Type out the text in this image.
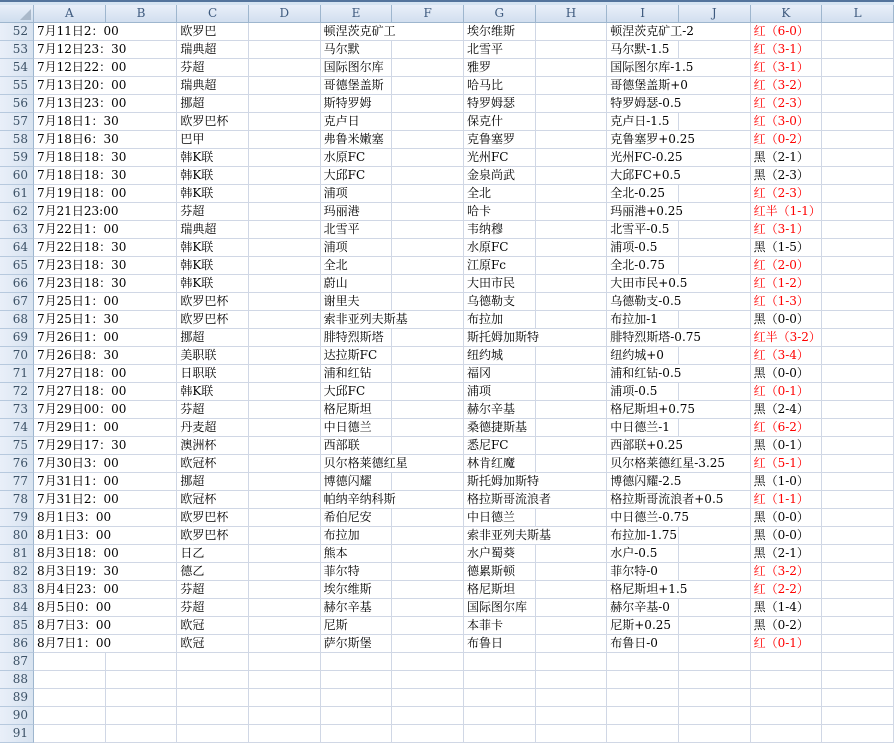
A	B	C	D	E	F	G	H	I	J	K	L
52 7月11日2：00	欧罗巴	顿涅茨克矿工	埃尔维斯	顿涅茨克矿工-2	红（6-0）
53 7月12日23：30	瑞典超	马尔默	北雪平	马尔默-1.5	红（3-1）
54 7月12日22：00	芬超	国际图尔库	雅罗	国际图尔库-1.5	红（3-1）
55 7月13日20：00	瑞典超	哥德堡盖斯	哈马比	哥德堡盖斯+0	红（3-2）
56 7月13日23：00	挪超	斯特罗姆	特罗姆瑟	特罗姆瑟-0.5	红（2-3）
57 7月18日1：30	欧罗巴杯	克卢日	保克什	克卢日-1.5	红（3-0）
58 7月18日6：30	巴甲	弗鲁米嫩塞	克鲁塞罗	克鲁塞罗+0.25	红（0-2）
59 7月18日18：30	韩K联	水原FC	光州FC	光州FC-0.25	黑（2-1）
60 7月18日18：30	韩K联	大邱FC	金泉尚武	大邱FC+0.5	黑（2-3）
61 7月19日18：00	韩K联	浦项	全北	全北-0.25	红（2-3）
62 7月21日23:00	芬超	玛丽港	哈卡	玛丽港+0.25	红半（1-1）
63 7月22日1：00	瑞典超	北雪平	韦纳穆	北雪平-0.5	红（3-1）
64 7月22日18：30	韩K联	浦项	水原FC	浦项-0.5	黑（1-5）
65 7月23日18：30	韩K联	全北	江原Fc	全北-0.75	红（2-0）
66 7月23日18：30	韩K联	蔚山	大田市民	大田市民+0.5	红（1-2）
67 7月25日1：00	欧罗巴杯	谢里夫	乌德勒支	乌德勒支-0.5	红（1-3）
68 7月25日1：30	欧罗巴杯	索非亚列夫斯基	布拉加	布拉加-1	黑（0-0）
69 7月26日1：00	挪超	腓特烈斯塔	斯托姆加斯特	腓特烈斯塔-0.75	红半（3-2）
70 7月26日8：30	美职联	达拉斯FC	纽约城	纽约城+0	红（3-4）
71 7月27日18：00	日职联	浦和红钻	福冈	浦和红钻-0.5	黑（0-0）
72 7月27日18：00	韩K联	大邱FC	浦项	浦项-0.5	红（0-1）
73 7月29日00：00	芬超	格尼斯坦	赫尔辛基	格尼斯坦+0.75	黑（2-4）
74 7月29日1：00	丹麦超	中日德兰	桑德捷斯基	中日德兰-1	红（6-2）
75 7月29日17：30	澳洲杯	西部联	悉尼FC	西部联+0.25	黑（0-1）
76 7月30日3：00	欧冠杯	贝尔格莱德红星	林肯红魔	贝尔格莱德红星-3.25 红（5-1）
77 7月31日1：00	挪超	博德闪耀	斯托姆加斯特	博德闪耀-2.5	黑（1-0）
78 7月31日2：00	欧冠杯	帕纳辛纳科斯	格拉斯哥流浪者	格拉斯哥流浪者+0.5	红（1-1）
79 8月1日3：00	欧罗巴杯	希伯尼安	中日德兰	中日德兰-0.75	黑（0-0）
80 8月1日3：00	欧罗巴杯	布拉加	索非亚列夫斯基	布拉加-1.75	黑（0-0）
81 8月3日18：00	日乙	熊本	水户蜀葵	水户-0.5	黑（2-1）
82 8月3日19：30	德乙	菲尔特	德累斯顿	菲尔特-0	红（3-2）
83 8月4日23：00	芬超	埃尔维斯	格尼斯坦	格尼斯坦+1.5	红（2-2）
84 8月5日0：00	芬超	赫尔辛基	国际图尔库	赫尔辛基-0	黑（1-4）
85 8月7日3：00	欧冠	尼斯	本菲卡	尼斯+0.25	黑（0-2）
86 8月7日1：00	欧冠	萨尔斯堡	布鲁日	布鲁日-0	红（0-1）
87
88
89
90
91
